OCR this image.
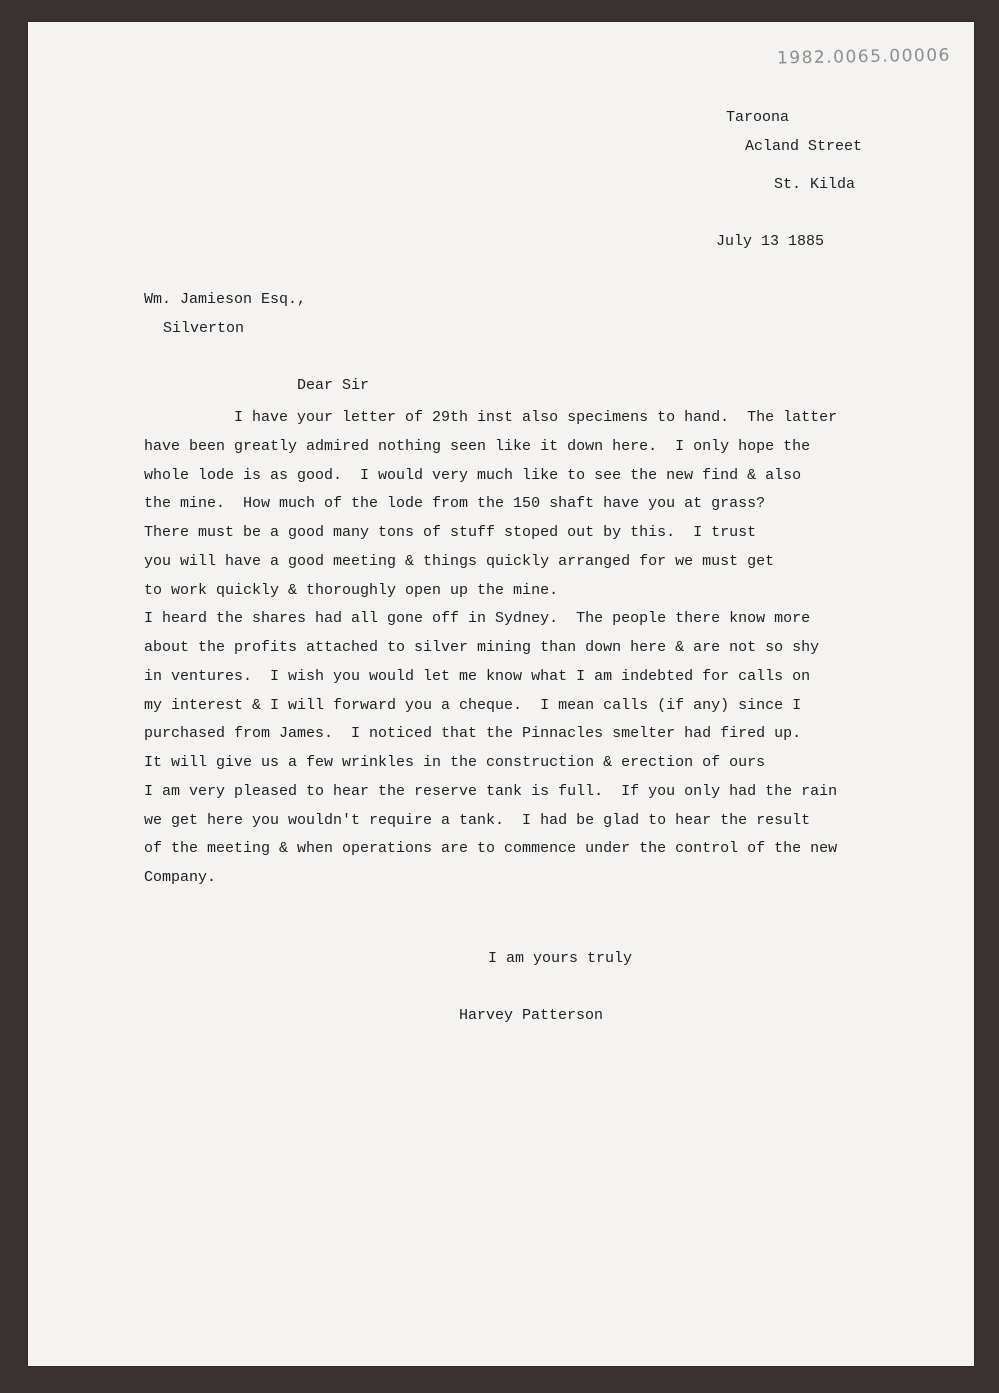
1982.0065.00006

Taroona

Acland Street

St. Kilda

July 13 1885

Wm. Jamieson Esq.,

Silverton

Dear Sir

I have your letter of 29th inst also specimens to hand.  The latter
have been greatly admired nothing seen like it down here.  I only hope the
whole lode is as good.  I would very much like to see the new find & also
the mine.  How much of the lode from the 150 shaft have you at grass?
There must be a good many tons of stuff stoped out by this.  I trust
you will have a good meeting & things quickly arranged for we must get
to work quickly & thoroughly open up the mine.
I heard the shares had all gone off in Sydney.  The people there know more
about the profits attached to silver mining than down here & are not so shy
in ventures.  I wish you would let me know what I am indebted for calls on
my interest & I will forward you a cheque.  I mean calls (if any) since I
purchased from James.  I noticed that the Pinnacles smelter had fired up.
It will give us a few wrinkles in the construction & erection of ours
I am very pleased to hear the reserve tank is full.  If you only had the rain
we get here you wouldn't require a tank.  I had be glad to hear the result
of the meeting & when operations are to commence under the control of the new
Company.

I am yours truly

Harvey Patterson
